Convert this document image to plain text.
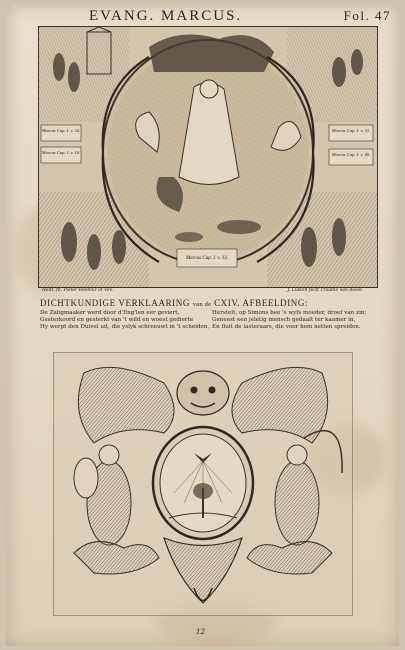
EVANG. MARCUS.	Fol. 47
Marcus Cap. I. v. 32.
Marcus Cap. I. v. 10.
Marcus Cap. I. v. 31.
Marcus Cap. I. v. 40.
Marcus Cap. I. v. 13.
Hent. fil. Pieter Boeteur et Vev.	J. Luiken fecit Trouble van Aoosl.
DICHTKUNDIGE VERKLAARING van de CXIV. AFBEELDING:
De Zaligmaaker werd door d'Eng'len eer geviert,
Gesterkoord en gesterkt van 't wild en woest gedierte
Hy werpt den Duivel uit, die yslyk schreeuwt in 't scheiden,
Herstelt, op Simons bee 's wyfs moeder, droef van zin;
Geneest een jeletig mensch gedaalt ter kaamer in,
En fluit de lasteraars, die voor hem netten spreiden.
12
